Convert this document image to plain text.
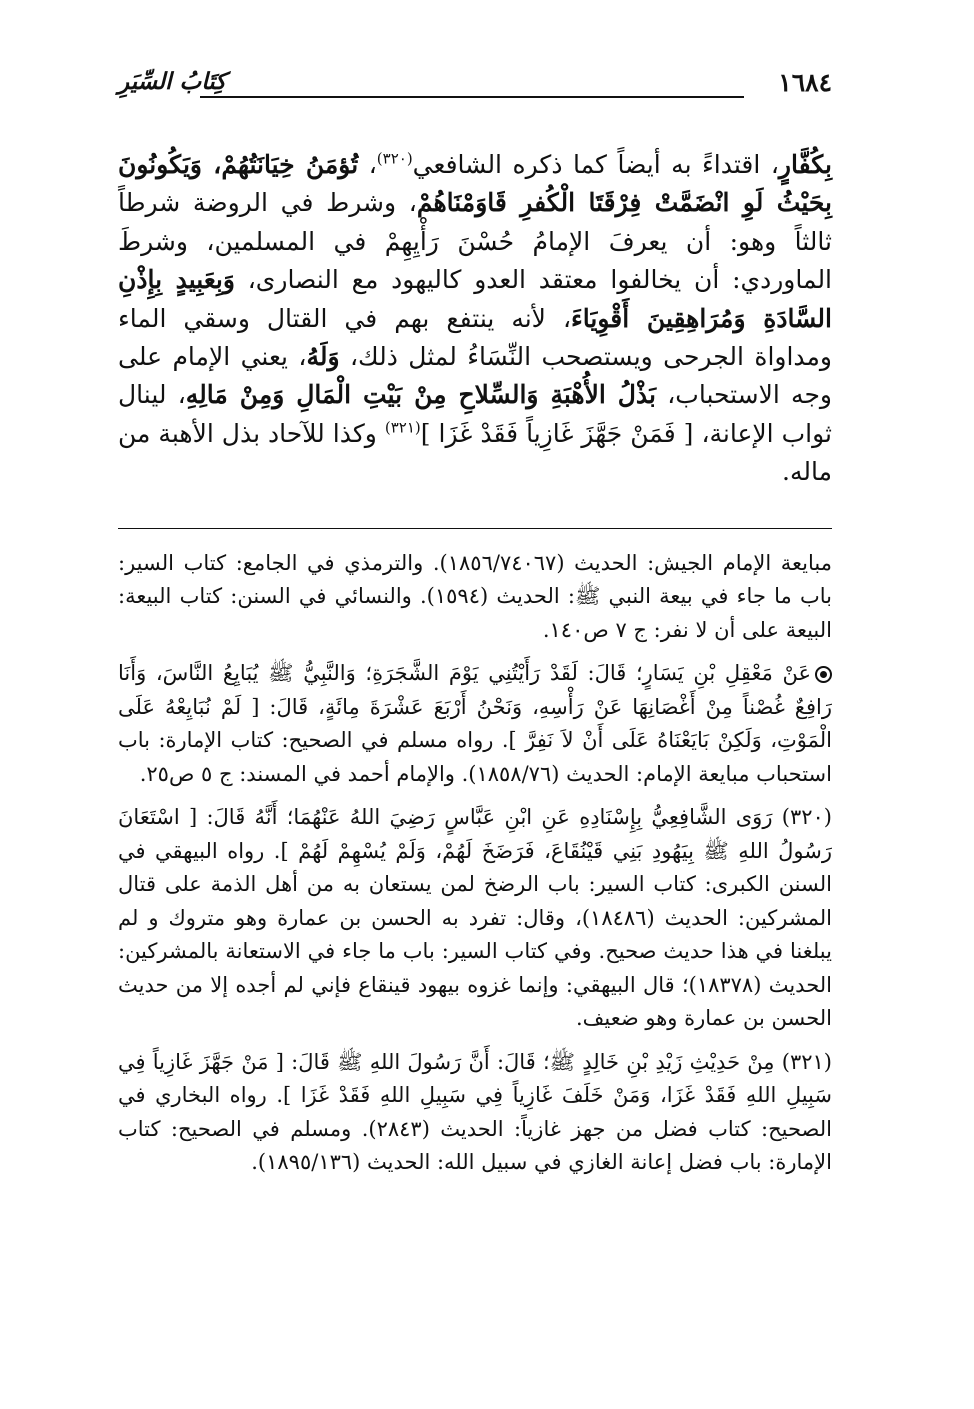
١٦٨٤
كِتَابُ السِّيَرِ

بِكُفَّارٍ، اقتداءً به أيضاً كما ذكره الشافعي$^{(٣٢٠)}$، تُؤمَنُ خِيَانَتُهُمْ، وَيَكُونُونَ بِحَيْثُ لَوِ انْضَمَّتْ فِرْقَتَا الْكُفرِ قَاوَمْنَاهُمْ، وشرط في الروضة شرطاً ثالثاً وهو: أن يعرفَ الإمامُ حُسْنَ رَأْيِهِمْ في المسلمين، وشرطَ الماوردي: أن يخالفوا معتقد العدو كاليهود مع النصارى، وَبِعَبِيدٍ بِإِذْنِ السَّادَةِ وَمُرَاهِقِينَ أَقْوِيَاءَ، لأنه ينتفع بهم في القتال وسقي الماء ومداواة الجرحى ويستصحب النِّسَاءُ لمثل ذلك، وَلَهُ، يعني الإمام على وجه الاستحباب، بَذْلُ الأُهْبَةِ وَالسِّلاحِ مِنْ بَيْتِ الْمَالِ وَمِنْ مَالِهِ، لينال ثواب الإعانة، [ فَمَنْ جَهَّزَ غَازِياً فَقَدْ غَزَا ]$^{(٣٢١)}$ وكذا للآحاد بذل الأهبة من ماله.

مبايعة الإمام الجيش: الحديث (١٨٥٦/٧٤٠٦٧). والترمذي في الجامع: كتاب السير: باب ما جاء في بيعة النبي ﷺ: الحديث (١٥٩٤). والنسائي في السنن: كتاب البيعة: البيعة على أن لا نفر: ج ٧ ص١٤٠.

عَنْ مَعْقِلِ بْنِ يَسَارٍ؛ قَالَ: لَقَدْ رَأَيْتُنِي يَوْمَ الشَّجَرَةِ؛ وَالنَّبِيُّ ﷺ يُبَايِعُ النَّاسَ، وَأَنَا رَافِعٌ غُصْناً مِنْ أَغْصَانِهَا عَنْ رَأْسِهِ، وَنَحْنُ أَرْبَعَ عَشْرَةَ مِائَةٍ، قَالَ: [ لَمْ نُبَايِعْهُ عَلَى الْمَوْتِ، وَلَكِنْ بَايَعْنَاهُ عَلَى أَنْ لاَ نَفِرَّ ]. رواه مسلم في الصحيح: كتاب الإمارة: باب استحباب مبايعة الإمام: الحديث (١٨٥٨/٧٦). والإمام أحمد في المسند: ج ٥ ص٢٥.

(٣٢٠) رَوَى الشَّافِعِيُّ بِإِسْنَادِهِ عَنِ ابْنِ عَبَّاسٍ رَضِيَ اللهُ عَنْهُمَا؛ أَنَّهُ قَالَ: [ اسْتَعَانَ رَسُولُ اللهِ ﷺ بِيَهُودِ بَنِي قَيْنُقَاعَ، فَرَضَخَ لَهُمْ، وَلَمْ يُسْهِمْ لَهُمْ ]. رواه البيهقي في السنن الكبرى: كتاب السير: باب الرضخ لمن يستعان به من أهل الذمة على قتال المشركين: الحديث (١٨٤٨٦)، وقال: تفرد به الحسن بن عمارة وهو متروك و لم يبلغنا في هذا حديث صحيح. وفي كتاب السير: باب ما جاء في الاستعانة بالمشركين: الحديث (١٨٣٧٨)؛ قال البيهقي: وإنما غزوه بيهود قينقاع فإني لم أجده إلا من حديث الحسن بن عمارة وهو ضعيف.

(٣٢١) مِنْ حَدِيْثِ زَيْدِ بْنِ خَالِدٍ ﷺ؛ قَالَ: أَنَّ رَسُولَ اللهِ ﷺ قَالَ: [ مَنْ جَهَّزَ غَازِياً فِي سَبِيلِ اللهِ فَقَدْ غَزَا، وَمَنْ خَلَفَ غَازِياً فِي سَبِيلِ اللهِ فَقَدْ غَزَا ]. رواه البخاري في الصحيح: كتاب فضل من جهز غازياً: الحديث (٢٨٤٣). ومسلم في الصحيح: كتاب الإمارة: باب فضل إعانة الغازي في سبيل الله: الحديث (١٨٩٥/١٣٦).
